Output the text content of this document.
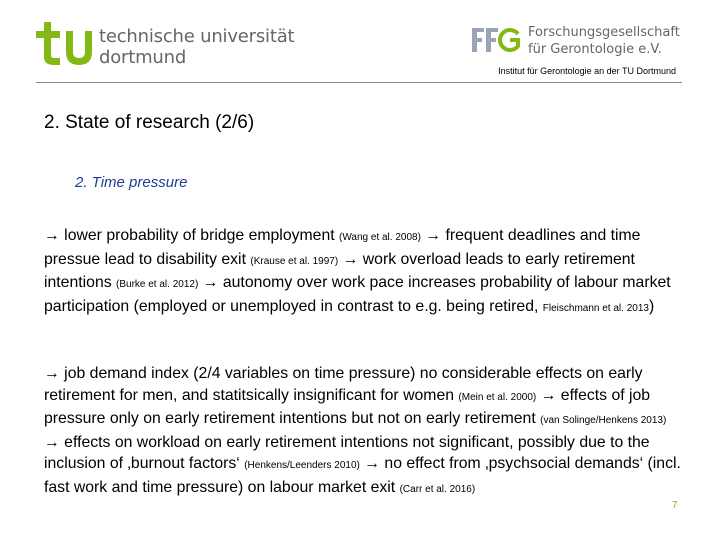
technische universität
dortmund
Forschungsgesellschaft
für Gerontologie e.V.
Institut für Gerontologie an der TU Dortmund
2. State of research (2/6)
2. Time pressure

→ lower probability of bridge employment (Wang et al. 2008) → frequent deadlines and time pressue lead to disability exit (Krause et al. 1997) → work overload leads to early retirement intentions (Burke et al. 2012) → autonomy over work pace increases probability of labour market participation (employed or unemployed in contrast to e.g. being retired, Fleischmann et al. 2013)

→ job demand index (2/4 variables on time pressure) no considerable effects on early retirement for men, and statitsically insignificant for women (Mein et al. 2000) → effects of job pressure only on early retirement intentions but not on early retirement (van Solinge/Henkens 2013) → effects on workload on early retirement intentions not significant, possibly due to the inclusion of ‚burnout factors‘ (Henkens/Leenders 2010) → no effect from ‚psychsocial demands‘ (incl. fast work and time pressure) on labour market exit (Carr et al. 2016)

7
